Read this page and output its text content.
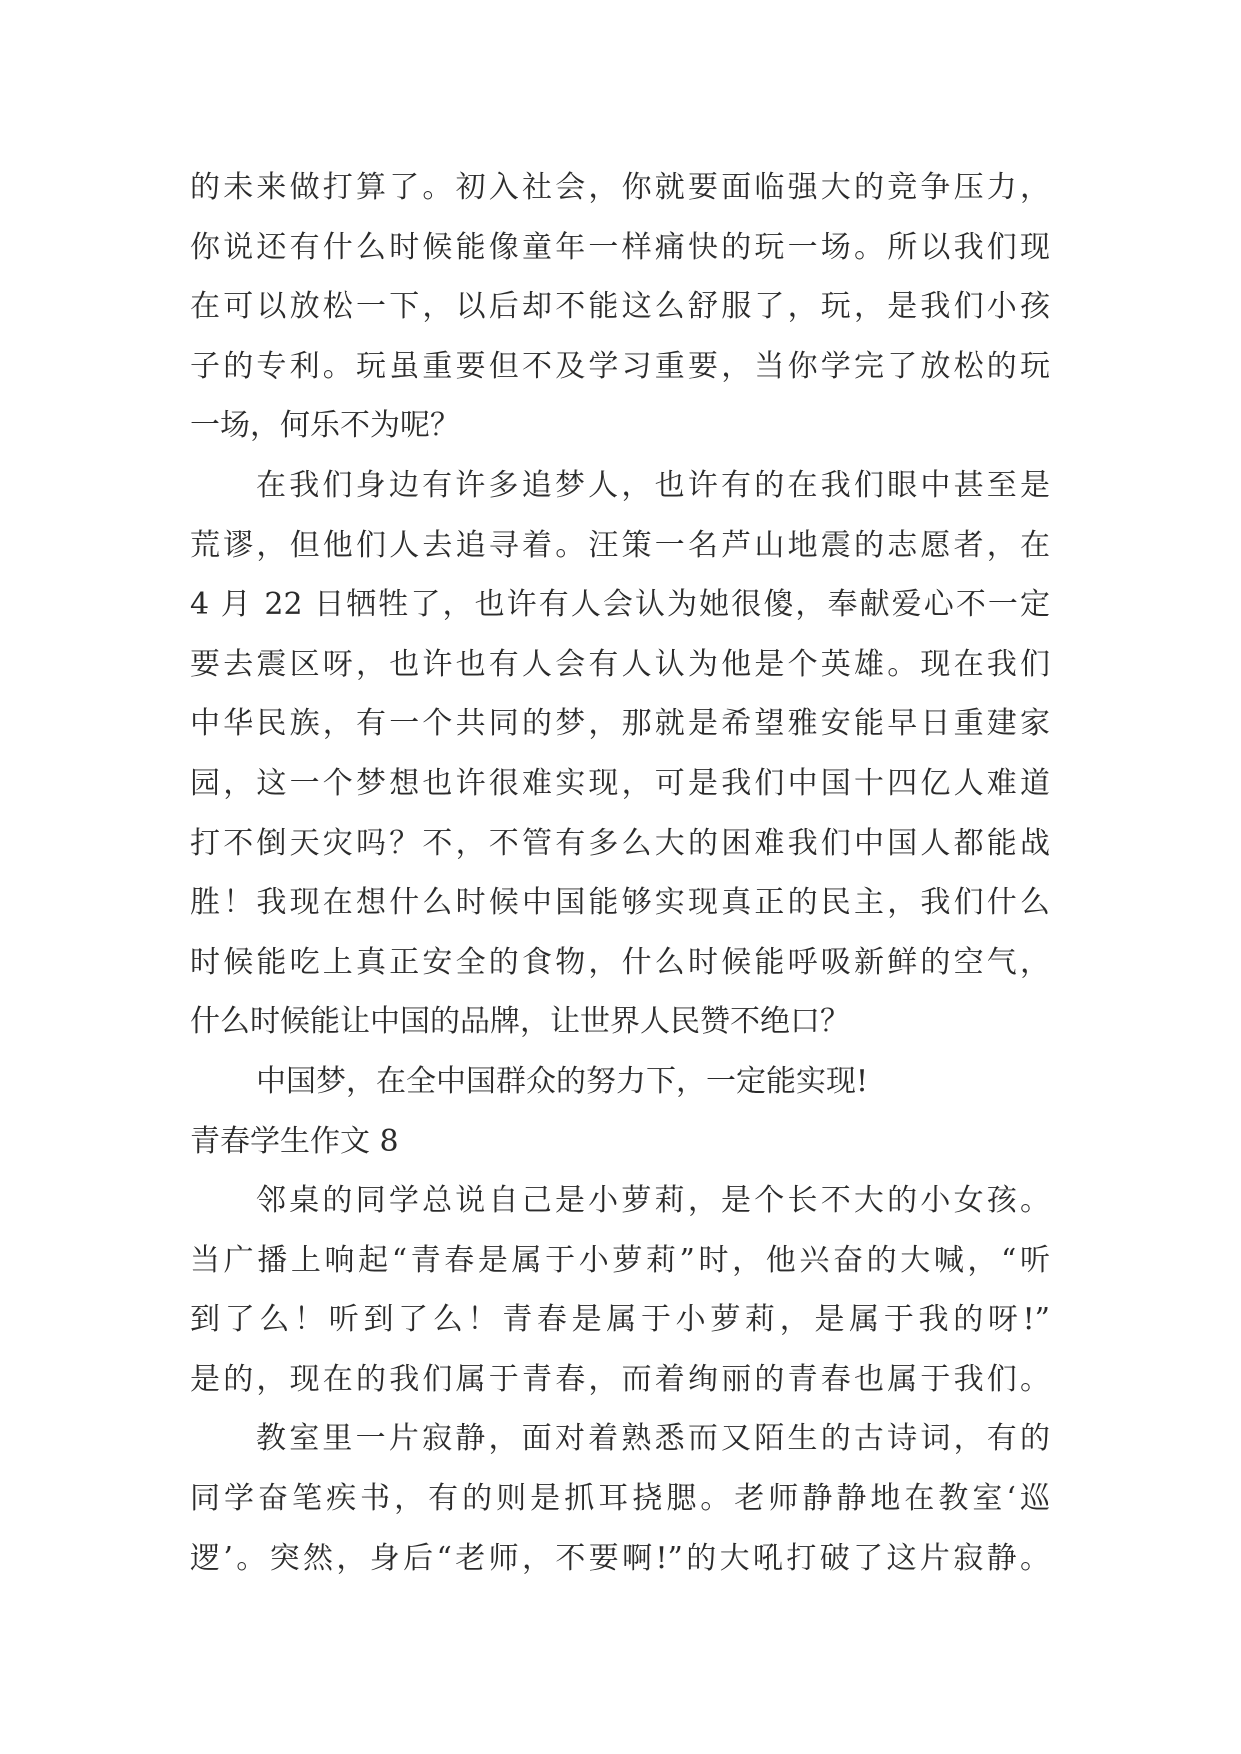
的未来做打算了。初入社会，你就要面临强大的竞争压力，
你说还有什么时候能像童年一样痛快的玩一场。所以我们现
在可以放松一下，以后却不能这么舒服了，玩，是我们小孩
子的专利。玩虽重要但不及学习重要，当你学完了放松的玩
一场，何乐不为呢？
在我们身边有许多追梦人，也许有的在我们眼中甚至是
荒谬，但他们人去追寻着。汪策一名芦山地震的志愿者，在
4 月 22 日牺牲了，也许有人会认为她很傻，奉献爱心不一定
要去震区呀，也许也有人会有人认为他是个英雄。现在我们
中华民族，有一个共同的梦，那就是希望雅安能早日重建家
园，这一个梦想也许很难实现，可是我们中国十四亿人难道
打不倒天灾吗？不，不管有多么大的困难我们中国人都能战
胜！我现在想什么时候中国能够实现真正的民主，我们什么
时候能吃上真正安全的食物，什么时候能呼吸新鲜的空气，
什么时候能让中国的品牌，让世界人民赞不绝口？
中国梦，在全中国群众的努力下，一定能实现!
青春学生作文 8
邻桌的同学总说自己是小萝莉，是个长不大的小女孩。
当广播上响起“青春是属于小萝莉”时，他兴奋的大喊，“听
到了么！听到了么！青春是属于小萝莉，是属于我的呀!”
是的，现在的我们属于青春，而着绚丽的青春也属于我们。
教室里一片寂静，面对着熟悉而又陌生的古诗词，有的
同学奋笔疾书，有的则是抓耳挠腮。老师静静地在教室‘巡
逻’。突然，身后“老师，不要啊!”的大吼打破了这片寂静。
